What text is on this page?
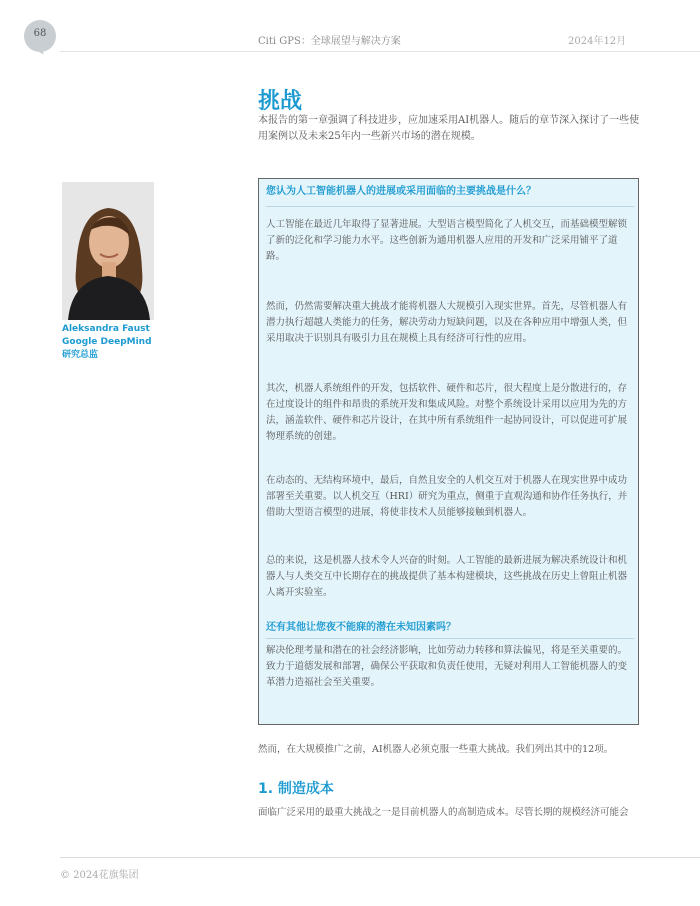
68
Citi GPS：全球展望与解决方案	2024年12月
挑战

本报告的第一章强调了科技进步，应加速采用AI机器人。随后的章节深入探讨了一些使用案例以及未来25年内一些新兴市场的潜在规模。

Aleksandra Faust Google DeepMind研究总监

您认为人工智能机器人的进展或采用面临的主要挑战是什么？

人工智能在最近几年取得了显著进展。大型语言模型简化了人机交互，而基础模型解锁了新的泛化和学习能力水平。这些创新为通用机器人应用的开发和广泛采用铺平了道路。

然而，仍然需要解决重大挑战才能将机器人大规模引入现实世界。首先，尽管机器人有潜力执行超越人类能力的任务，解决劳动力短缺问题，以及在各种应用中增强人类，但采用取决于识别具有吸引力且在规模上具有经济可行性的应用。

其次，机器人系统组件的开发，包括软件、硬件和芯片，很大程度上是分散进行的，存在过度设计的组件和昂贵的系统开发和集成风险。对整个系统设计采用以应用为先的方法，涵盖软件、硬件和芯片设计，在其中所有系统组件一起协同设计，可以促进可扩展物理系统的创建。

在动态的、无结构环境中，最后，自然且安全的人机交互对于机器人在现实世界中成功部署至关重要。以人机交互（HRI）研究为重点，侧重于直观沟通和协作任务执行，并借助大型语言模型的进展，将使非技术人员能够接触到机器人。

总的来说，这是机器人技术令人兴奋的时刻。人工智能的最新进展为解决系统设计和机器人与人类交互中长期存在的挑战提供了基本构建模块，这些挑战在历史上曾阻止机器人离开实验室。

还有其他让您夜不能寐的潜在未知因素吗？

解决伦理考量和潜在的社会经济影响，比如劳动力转移和算法偏见，将是至关重要的。致力于道德发展和部署，确保公平获取和负责任使用，无疑对利用人工智能机器人的变革潜力造福社会至关重要。

然而，在大规模推广之前，AI机器人必须克服一些重大挑战。我们列出其中的12项。

1. 制造成本

面临广泛采用的最重大挑战之一是目前机器人的高制造成本。尽管长期的规模经济可能会

© 2024花旗集团
